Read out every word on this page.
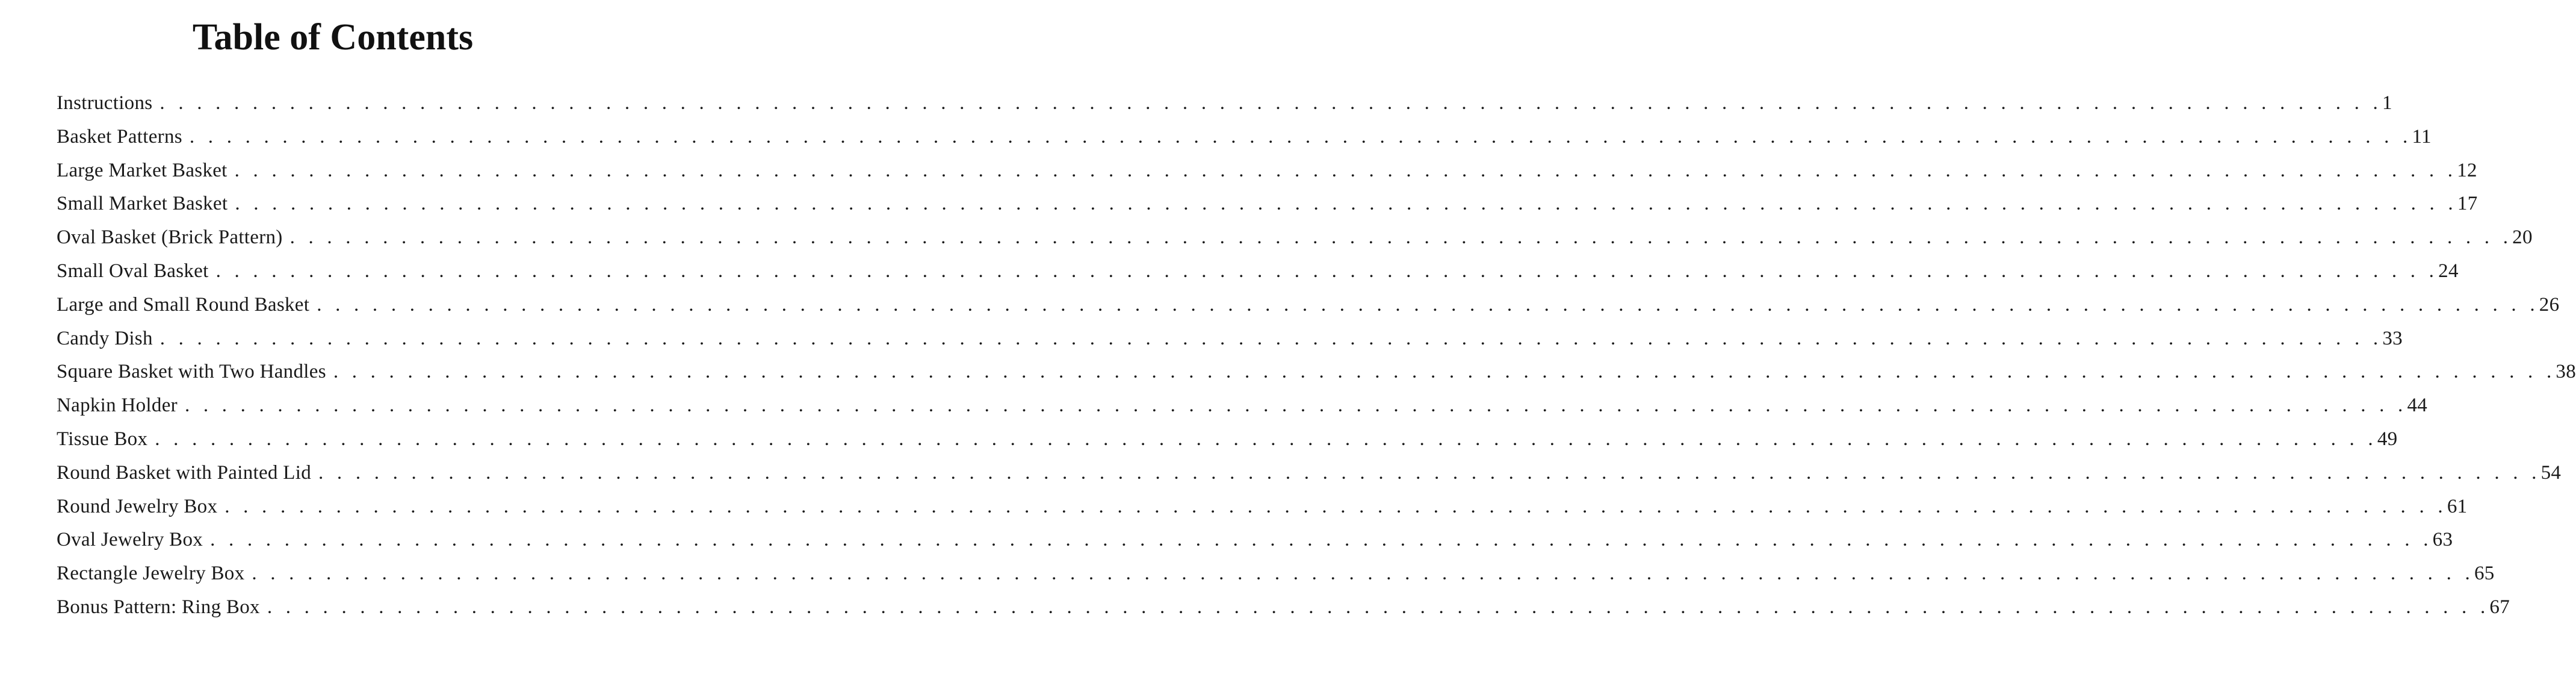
Table of Contents
Instructions . . . . . . . . . . . . . . . . . . . . . . . . . . . . . . . . . . . . . . . . . . . . . . . . . . . . . . . . . . . . . . . . . . . . . . . . . . . . . . . . . . . . . . . . . . . . . . . . . . . . . . . . . . . . . . . . . . . . . . . . 1
Basket Patterns . . . . . . . . . . . . . . . . . . . . . . . . . . . . . . . . . . . . . . . . . . . . . . . . . . . . . . . . . . . . . . . . . . . . . . . . . . . . . . . . . . . . . . . . . . . . . . . . . . . . . . . . . . . . . . . . . . . . . . . . 11
Large Market Basket . . . . . . . . . . . . . . . . . . . . . . . . . . . . . . . . . . . . . . . . . . . . . . . . . . . . . . . . . . . . . . . . . . . . . . . . . . . . . . . . . . . . . . . . . . . . . . . . . . . . . . . . . . . . . . . . . . . . . . . . 12
Small Market Basket . . . . . . . . . . . . . . . . . . . . . . . . . . . . . . . . . . . . . . . . . . . . . . . . . . . . . . . . . . . . . . . . . . . . . . . . . . . . . . . . . . . . . . . . . . . . . . . . . . . . . . . . . . . . . . . . . . . . . . . . 17
Oval Basket (Brick Pattern) . . . . . . . . . . . . . . . . . . . . . . . . . . . . . . . . . . . . . . . . . . . . . . . . . . . . . . . . . . . . . . . . . . . . . . . . . . . . . . . . . . . . . . . . . . . . . . . . . . . . . . . . . . . . . . . . . . . . . . . . 20
Small Oval Basket . . . . . . . . . . . . . . . . . . . . . . . . . . . . . . . . . . . . . . . . . . . . . . . . . . . . . . . . . . . . . . . . . . . . . . . . . . . . . . . . . . . . . . . . . . . . . . . . . . . . . . . . . . . . . . . . . . . . . . . . 24
Large and Small Round Basket . . . . . . . . . . . . . . . . . . . . . . . . . . . . . . . . . . . . . . . . . . . . . . . . . . . . . . . . . . . . . . . . . . . . . . . . . . . . . . . . . . . . . . . . . . . . . . . . . . . . . . . . . . . . . . . . . . . . . . . . 26
Candy Dish . . . . . . . . . . . . . . . . . . . . . . . . . . . . . . . . . . . . . . . . . . . . . . . . . . . . . . . . . . . . . . . . . . . . . . . . . . . . . . . . . . . . . . . . . . . . . . . . . . . . . . . . . . . . . . . . . . . . . . . . 33
Square Basket with Two Handles . . . . . . . . . . . . . . . . . . . . . . . . . . . . . . . . . . . . . . . . . . . . . . . . . . . . . . . . . . . . . . . . . . . . . . . . . . . . . . . . . . . . . . . . . . . . . . . . . . . . . . . . . . . . . . . . . . . . . . . . 38
Napkin Holder . . . . . . . . . . . . . . . . . . . . . . . . . . . . . . . . . . . . . . . . . . . . . . . . . . . . . . . . . . . . . . . . . . . . . . . . . . . . . . . . . . . . . . . . . . . . . . . . . . . . . . . . . . . . . . . . . . . . . . . . 44
Tissue Box . . . . . . . . . . . . . . . . . . . . . . . . . . . . . . . . . . . . . . . . . . . . . . . . . . . . . . . . . . . . . . . . . . . . . . . . . . . . . . . . . . . . . . . . . . . . . . . . . . . . . . . . . . . . . . . . . . . . . . . . 49
Round Basket with Painted Lid . . . . . . . . . . . . . . . . . . . . . . . . . . . . . . . . . . . . . . . . . . . . . . . . . . . . . . . . . . . . . . . . . . . . . . . . . . . . . . . . . . . . . . . . . . . . . . . . . . . . . . . . . . . . . . . . . . . . . . . . 54
Round Jewelry Box . . . . . . . . . . . . . . . . . . . . . . . . . . . . . . . . . . . . . . . . . . . . . . . . . . . . . . . . . . . . . . . . . . . . . . . . . . . . . . . . . . . . . . . . . . . . . . . . . . . . . . . . . . . . . . . . . . . . . . . . 61
Oval Jewelry Box . . . . . . . . . . . . . . . . . . . . . . . . . . . . . . . . . . . . . . . . . . . . . . . . . . . . . . . . . . . . . . . . . . . . . . . . . . . . . . . . . . . . . . . . . . . . . . . . . . . . . . . . . . . . . . . . . . . . . . . . 63
Rectangle Jewelry Box . . . . . . . . . . . . . . . . . . . . . . . . . . . . . . . . . . . . . . . . . . . . . . . . . . . . . . . . . . . . . . . . . . . . . . . . . . . . . . . . . . . . . . . . . . . . . . . . . . . . . . . . . . . . . . . . . . . . . . . . 65
Bonus Pattern: Ring Box . . . . . . . . . . . . . . . . . . . . . . . . . . . . . . . . . . . . . . . . . . . . . . . . . . . . . . . . . . . . . . . . . . . . . . . . . . . . . . . . . . . . . . . . . . . . . . . . . . . . . . . . . . . . . . . . . . . . . . . . 67
